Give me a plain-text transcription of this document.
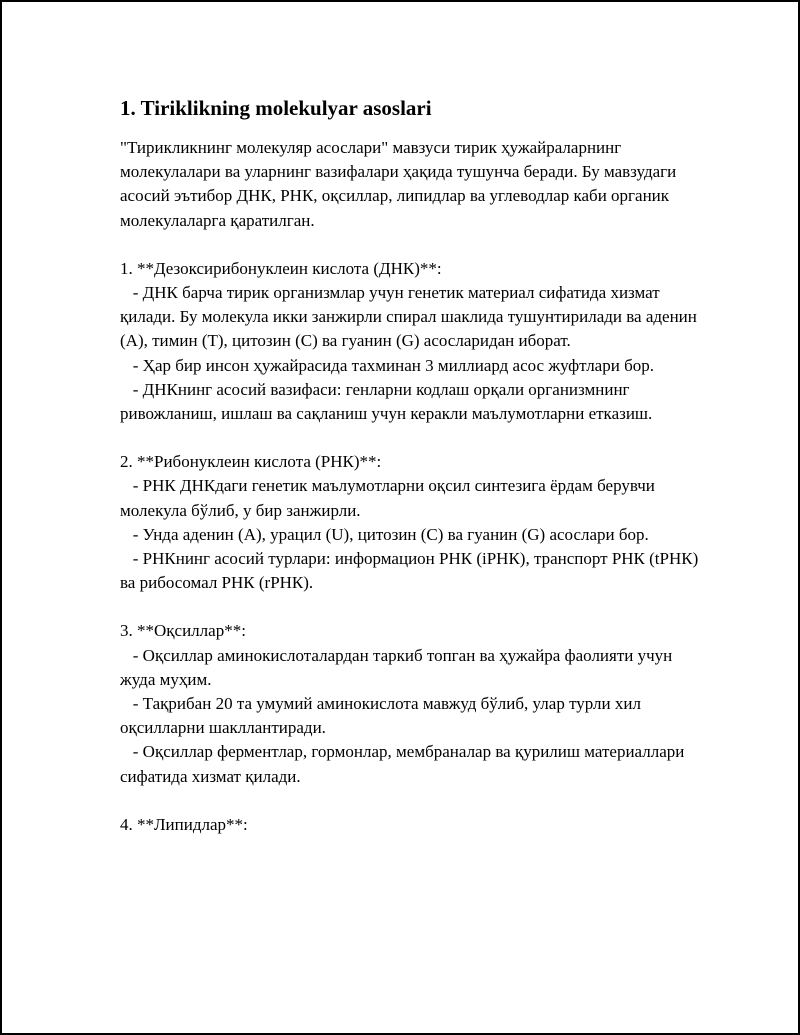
1. Tiriklikning molekulyar asoslari
"Тирикликнинг молекуляр асослари" мавзуси тирик ҳужайраларнинг молекулалари ва уларнинг вазифалари ҳақида тушунча беради. Бу мавзудаги асосий эътибор ДНК, РНК, оқсиллар, липидлар ва углеводлар каби органик молекулаларга қаратилган.
1. **Дезоксирибонуклеин кислота (ДНК)**:
- ДНК барча тирик организмлар учун генетик материал сифатида хизмат қилади. Бу молекула икки занжирли спирал шаклида тушунтирилади ва аденин (A), тимин (T), цитозин (C) ва гуанин (G) асосларидан иборат.
- Ҳар бир инсон ҳужайрасида тахминан 3 миллиард асос жуфтлари бор.
- ДНКнинг асосий вазифаси: генларни кодлаш орқали организмнинг ривожланиш, ишлаш ва сақланиш учун керакли маълумотларни етказиш.
2. **Рибонуклеин кислота (РНК)**:
- РНК ДНКдаги генетик маълумотларни оқсил синтезига ёрдам берувчи молекула бўлиб, у бир занжирли.
- Унда аденин (A), урацил (U), цитозин (C) ва гуанин (G) асослари бор.
- РНКнинг асосий турлари: информацион РНК (iРНК), транспорт РНК (tРНК) ва рибосомал РНК (rРНК).
3. **Оқсиллар**:
- Оқсиллар аминокислоталардан таркиб топган ва ҳужайра фаолияти учун жуда муҳим.
- Тақрибан 20 та умумий аминокислота мавжуд бўлиб, улар турли хил оқсилларни шакллантиради.
- Оқсиллар ферментлар, гормонлар, мембраналар ва қурилиш материаллари сифатида хизмат қилади.
4. **Липидлар**:
